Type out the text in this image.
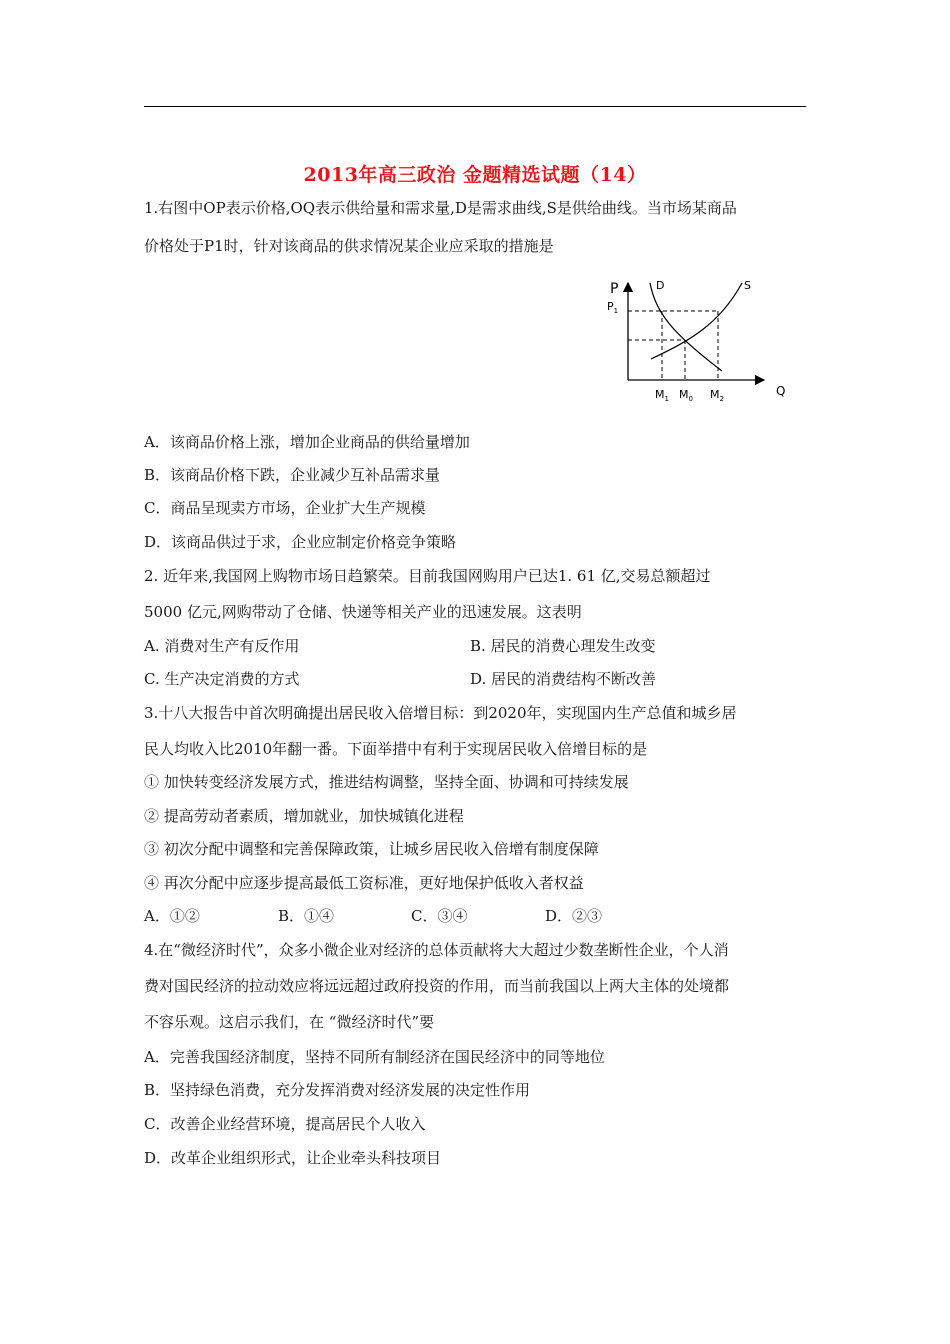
2013年高三政治 金题精选试题（14）
1.右图中OP表示价格,OQ表示供给量和需求量,D是需求曲线,S是供给曲线。当市场某商品
价格处于P1时，针对该商品的供求情况某企业应采取的措施是
P
Q
D	S
$P_1$
$M_1$ $M_0$ $M_2$
A．该商品价格上涨，增加企业商品的供给量增加
B．该商品价格下跌，企业减少互补品需求量
C．商品呈现卖方市场，企业扩大生产规模
D．该商品供过于求，企业应制定价格竞争策略
2. 近年来,我国网上购物市场日趋繁荣。目前我国网购用户已达1. 61 亿,交易总额超过
5000 亿元,网购带动了仓储、快递等相关产业的迅速发展。这表明
A. 消费对生产有反作用	B. 居民的消费心理发生改变
C. 生产决定消费的方式	D. 居民的消费结构不断改善
3.十八大报告中首次明确提出居民收入倍增目标：到2020年，实现国内生产总值和城乡居
民人均收入比2010年翻一番。下面举措中有利于实现居民收入倍增目标的是
① 加快转变经济发展方式，推进结构调整，坚持全面、协调和可持续发展
② 提高劳动者素质，增加就业，加快城镇化进程
③ 初次分配中调整和完善保障政策，让城乡居民收入倍增有制度保障
④ 再次分配中应逐步提高最低工资标准，更好地保护低收入者权益
A．①②	B．①④	C．③④	D．②③
4.在“微经济时代”，众多小微企业对经济的总体贡献将大大超过少数垄断性企业，个人消
费对国民经济的拉动效应将远远超过政府投资的作用，而当前我国以上两大主体的处境都
不容乐观。这启示我们，在 “微经济时代”要
A．完善我国经济制度，坚持不同所有制经济在国民经济中的同等地位
B．坚持绿色消费，充分发挥消费对经济发展的决定性作用
C．改善企业经营环境，提高居民个人收入
D．改革企业组织形式，让企业牵头科技项目
